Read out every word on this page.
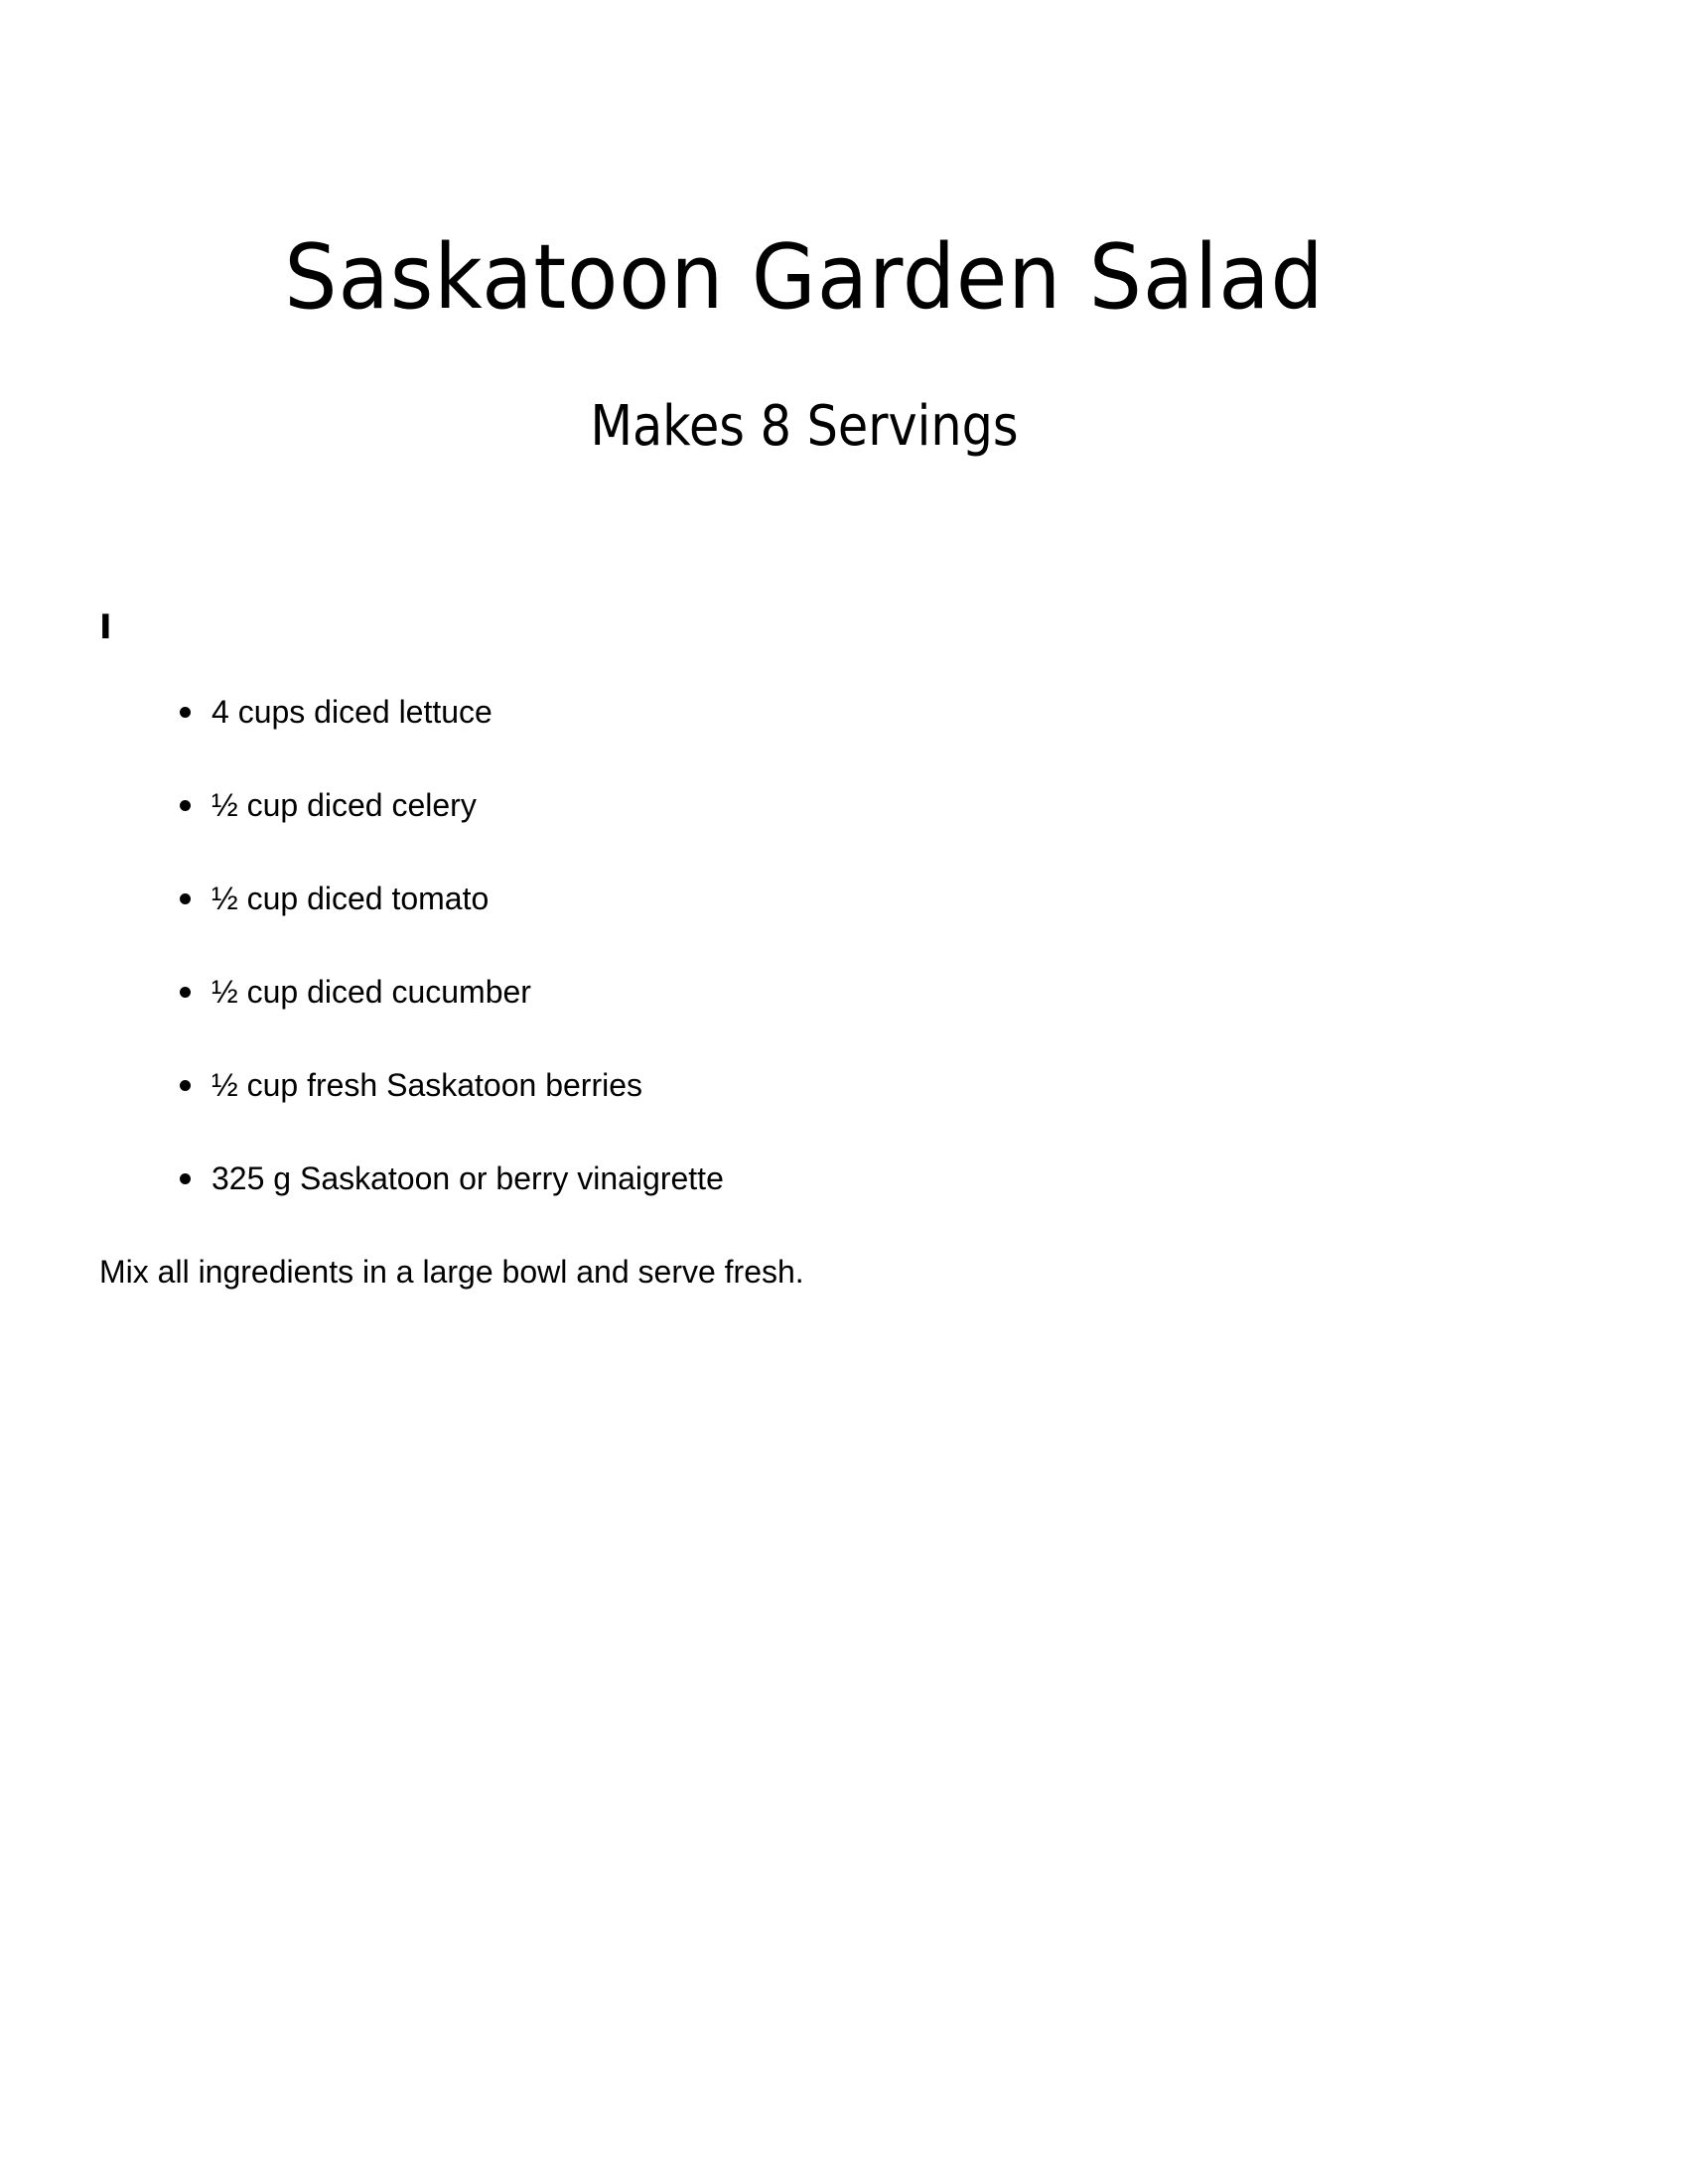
Saskatoon Garden Salad
Makes 8 Servings
I
4 cups diced lettuce
½ cup diced celery
½ cup diced tomato
½ cup diced cucumber
½ cup fresh Saskatoon berries
325 g Saskatoon or berry vinaigrette

Mix all ingredients in a large bowl and serve fresh.
